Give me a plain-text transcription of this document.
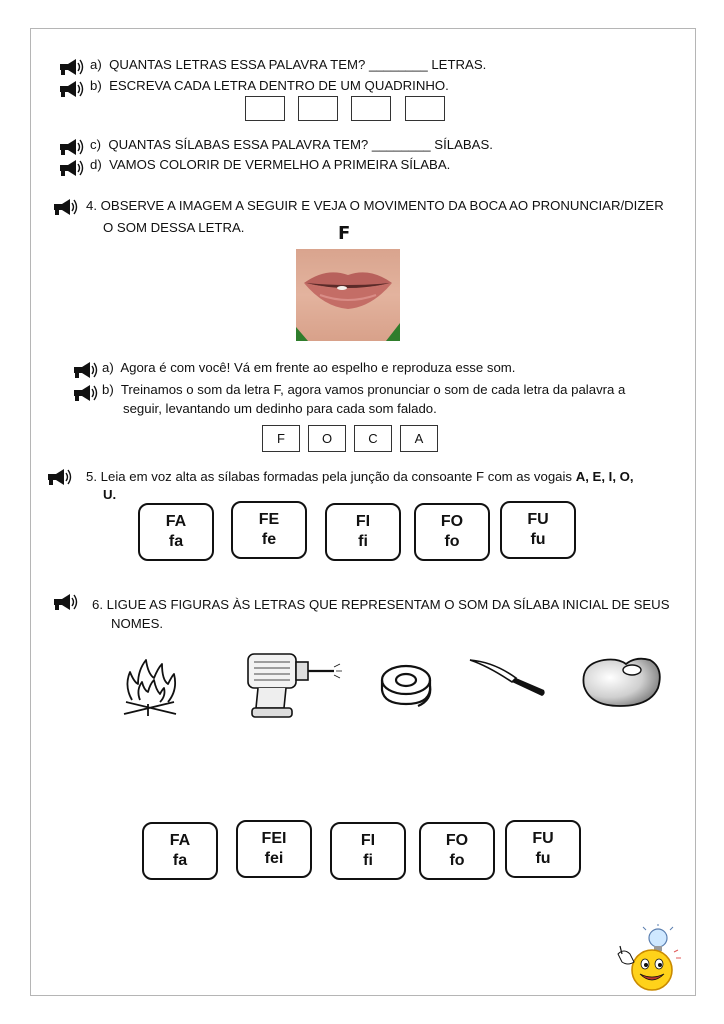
a) QUANTAS LETRAS ESSA PALAVRA TEM? ________ LETRAS.
b) ESCREVA CADA LETRA DENTRO DE UM QUADRINHO.
c) QUANTAS SÍLABAS ESSA PALAVRA TEM? ________ SÍLABAS.
d) VAMOS COLORIR DE VERMELHO A PRIMEIRA SÍLABA.
4. OBSERVE A IMAGEM A SEGUIR E VEJA O MOVIMENTO DA BOCA AO PRONUNCIAR/DIZER
O SOM DESSA LETRA.	F
a) Agora é com você! Vá em frente ao espelho e reproduza esse som.
b) Treinamos o som da letra F, agora vamos pronunciar o som de cada letra da palavra a
seguir, levantando um dedinho para cada som falado.
F	O	C	A
5. Leia em voz alta as sílabas formadas pela junção da consoante F com as vogais A, E, I, O,
U.
FA
fa
FE
fe
FI
fi
FO
fo
FU
fu
6. LIGUE AS FIGURAS ÀS LETRAS QUE REPRESENTAM O SOM DA SÍLABA INICIAL DE SEUS
NOMES.
FA
fa
FEI
fei
FI
fi
FO
fo
FU
fu
